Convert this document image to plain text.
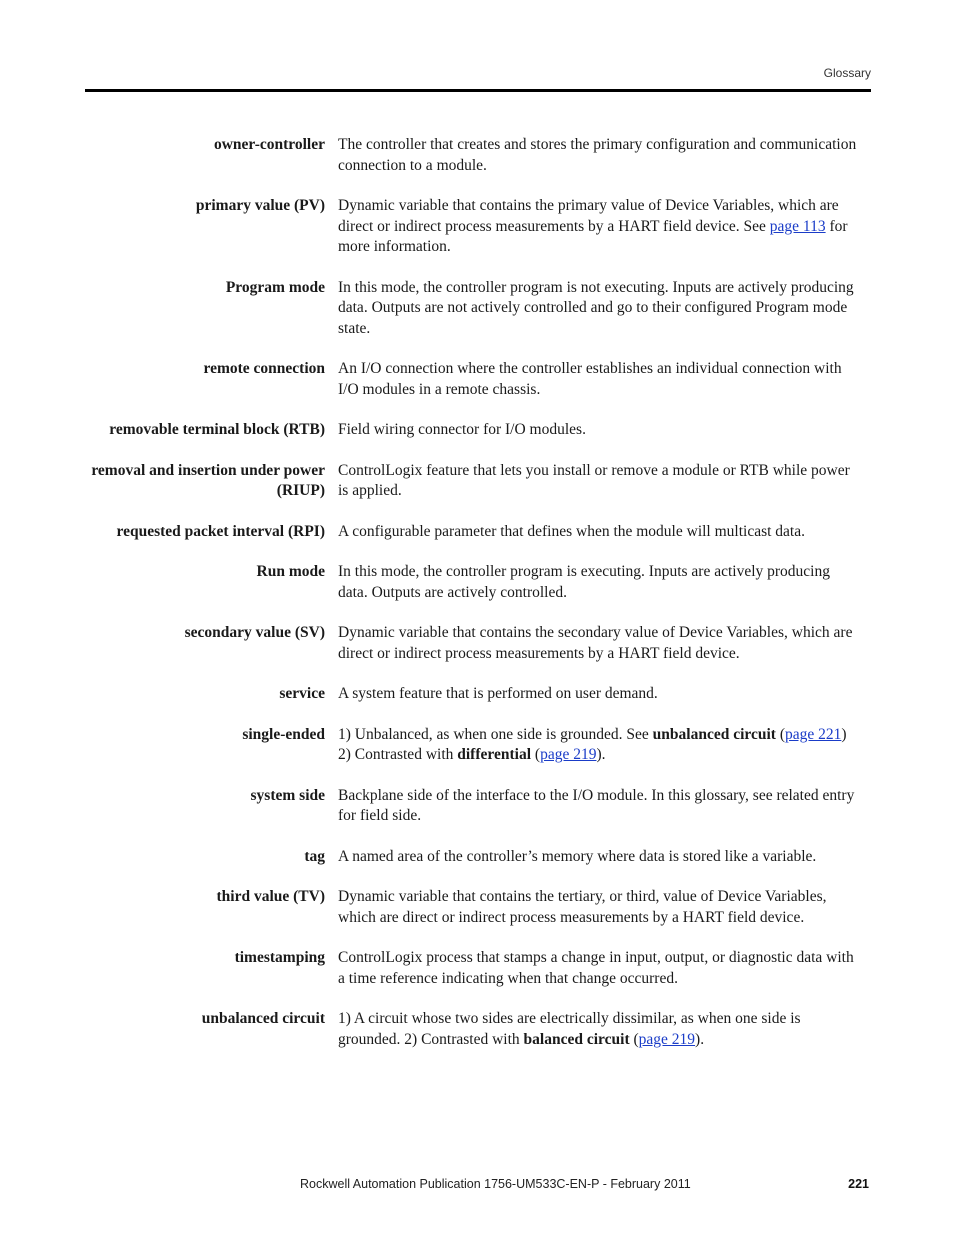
Glossary
owner-controller The controller that creates and stores the primary configuration and communication connection to a module.
primary value (PV) Dynamic variable that contains the primary value of Device Variables, which are direct or indirect process measurements by a HART field device. See page 113 for more information.
Program mode In this mode, the controller program is not executing. Inputs are actively producing data. Outputs are not actively controlled and go to their configured Program mode state.
remote connection An I/O connection where the controller establishes an individual connection with I/O modules in a remote chassis.
removable terminal block (RTB) Field wiring connector for I/O modules.
removal and insertion under power
(RIUP)
ControlLogix feature that lets you install or remove a module or RTB while power is applied.
requested packet interval (RPI) A configurable parameter that defines when the module will multicast data.
Run mode In this mode, the controller program is executing. Inputs are actively producing data. Outputs are actively controlled.
secondary value (SV) Dynamic variable that contains the secondary value of Device Variables, which are direct or indirect process measurements by a HART field device.
service A system feature that is performed on user demand.
single-ended 1) Unbalanced, as when one side is grounded. See unbalanced circuit (page 221) 2) Contrasted with differential (page 219).
system side Backplane side of the interface to the I/O module. In this glossary, see related entry for field side.
tag A named area of the controller’s memory where data is stored like a variable.
third value (TV) Dynamic variable that contains the tertiary, or third, value of Device Variables, which are direct or indirect process measurements by a HART field device.
timestamping ControlLogix process that stamps a change in input, output, or diagnostic data with a time reference indicating when that change occurred.
unbalanced circuit 1) A circuit whose two sides are electrically dissimilar, as when one side is grounded. 2) Contrasted with balanced circuit (page 219).
Rockwell Automation Publication 1756-UM533C-EN-P - February 2011	221
